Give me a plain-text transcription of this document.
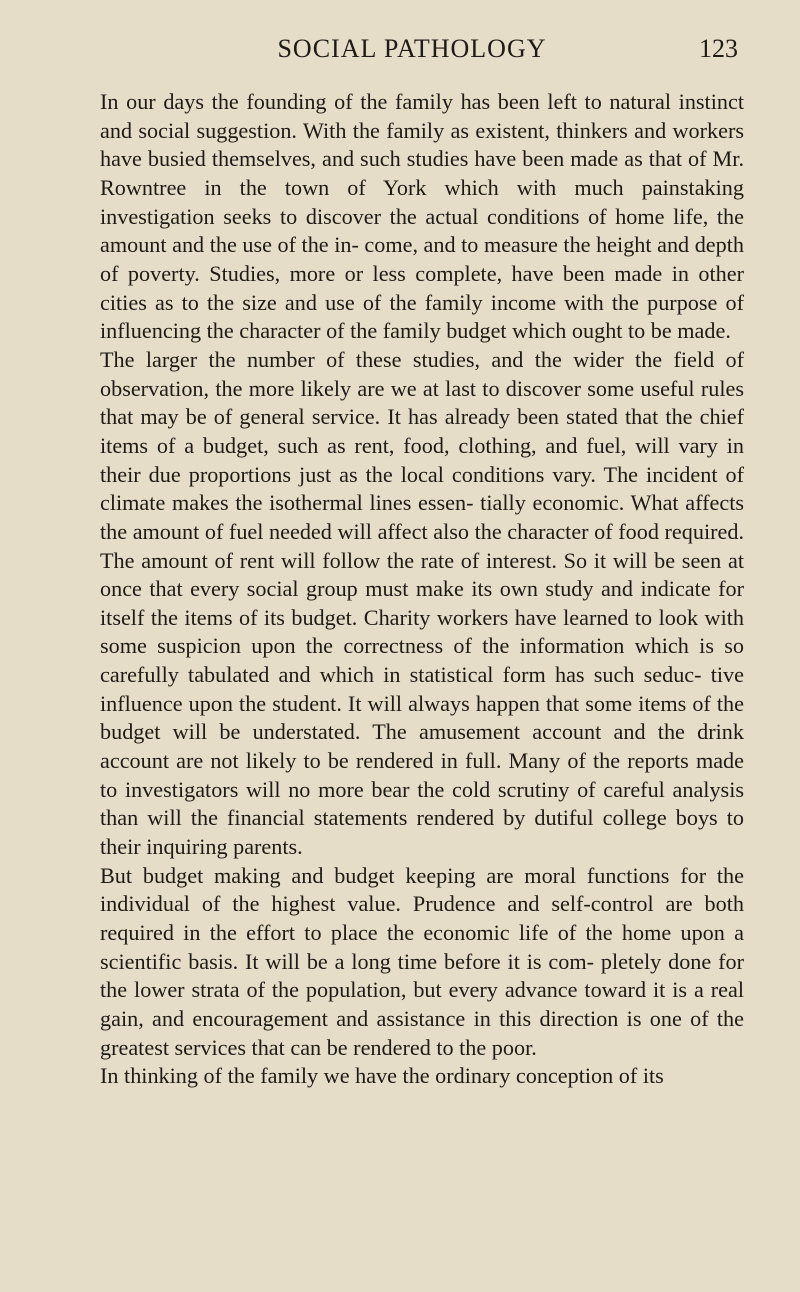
SOCIAL PATHOLOGY	123

In our days the founding of the family has been left to natural instinct and social suggestion. With the family as existent, thinkers and workers have busied themselves, and such studies have been made as that of Mr. Rowntree in the town of York which with much painstaking investigation seeks to discover the actual conditions of home life, the amount and the use of the in- come, and to measure the height and depth of poverty. Studies, more or less complete, have been made in other cities as to the size and use of the family income with the purpose of influencing the character of the family budget which ought to be made.

The larger the number of these studies, and the wider the field of observation, the more likely are we at last to discover some useful rules that may be of general service. It has already been stated that the chief items of a budget, such as rent, food, clothing, and fuel, will vary in their due proportions just as the local conditions vary. The incident of climate makes the isothermal lines essen- tially economic. What affects the amount of fuel needed will affect also the character of food required. The amount of rent will follow the rate of interest. So it will be seen at once that every social group must make its own study and indicate for itself the items of its budget. Charity workers have learned to look with some suspicion upon the correctness of the information which is so carefully tabulated and which in statistical form has such seduc- tive influence upon the student. It will always happen that some items of the budget will be understated. The amusement account and the drink account are not likely to be rendered in full. Many of the reports made to investigators will no more bear the cold scrutiny of careful analysis than will the financial statements rendered by dutiful college boys to their inquiring parents.

But budget making and budget keeping are moral functions for the individual of the highest value. Prudence and self-control are both required in the effort to place the economic life of the home upon a scientific basis. It will be a long time before it is com- pletely done for the lower strata of the population, but every advance toward it is a real gain, and encouragement and assistance in this direction is one of the greatest services that can be rendered to the poor.

In thinking of the family we have the ordinary conception of its
